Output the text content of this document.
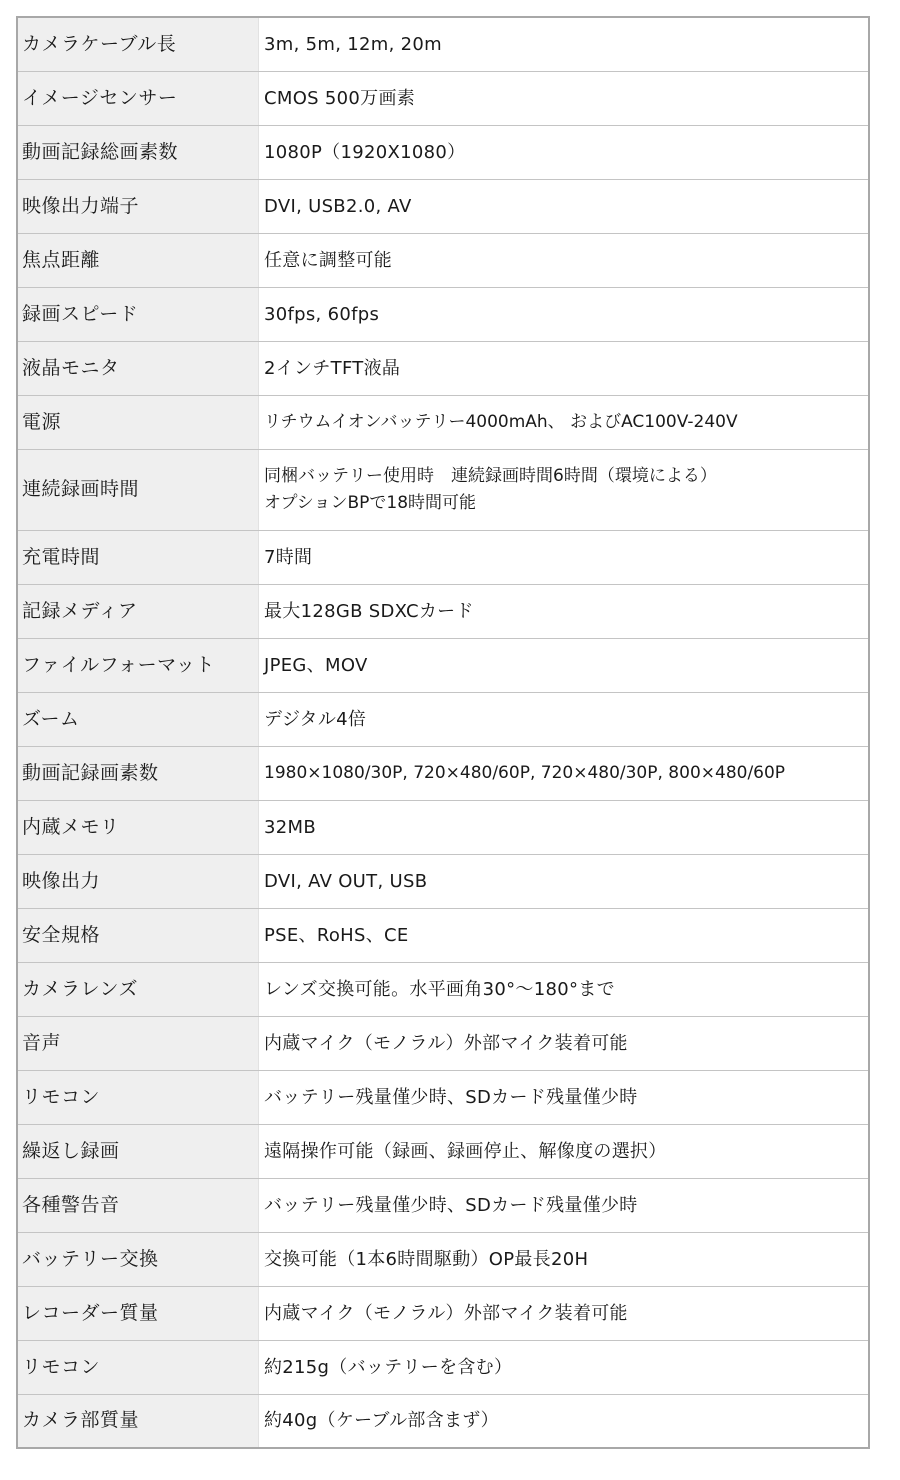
カメラケーブル長	3m, 5m, 12m, 20m
イメージセンサー	CMOS 500万画素
動画記録総画素数	1080P（1920X1080）
映像出力端子	DVI, USB2.0, AV
焦点距離	任意に調整可能
録画スピード	30fps, 60fps
液晶モニタ	2インチTFT液晶
電源	リチウムイオンバッテリー4000mAh、 およびAC100V-240V
連続録画時間	同梱バッテリー使用時　連続録画時間6時間（環境による）
オプションBPで18時間可能
充電時間	7時間
記録メディア	最大128GB SDXCカード
ファイルフォーマット	JPEG、MOV
ズーム	デジタル4倍
動画記録画素数	1980×1080/30P, 720×480/60P, 720×480/30P, 800×480/60P
内蔵メモリ	32MB
映像出力	DVI, AV OUT, USB
安全規格	PSE、RoHS、CE
カメラレンズ	レンズ交換可能。水平画角30°～180°まで
音声	内蔵マイク（モノラル）外部マイク装着可能
リモコン	バッテリー残量僅少時、SDカード残量僅少時
繰返し録画	遠隔操作可能（録画、録画停止、解像度の選択）
各種警告音	バッテリー残量僅少時、SDカード残量僅少時
バッテリー交換	交換可能（1本6時間駆動）OP最長20H
レコーダー質量	内蔵マイク（モノラル）外部マイク装着可能
リモコン	約215g（バッテリーを含む）
カメラ部質量	約40g（ケーブル部含まず）
